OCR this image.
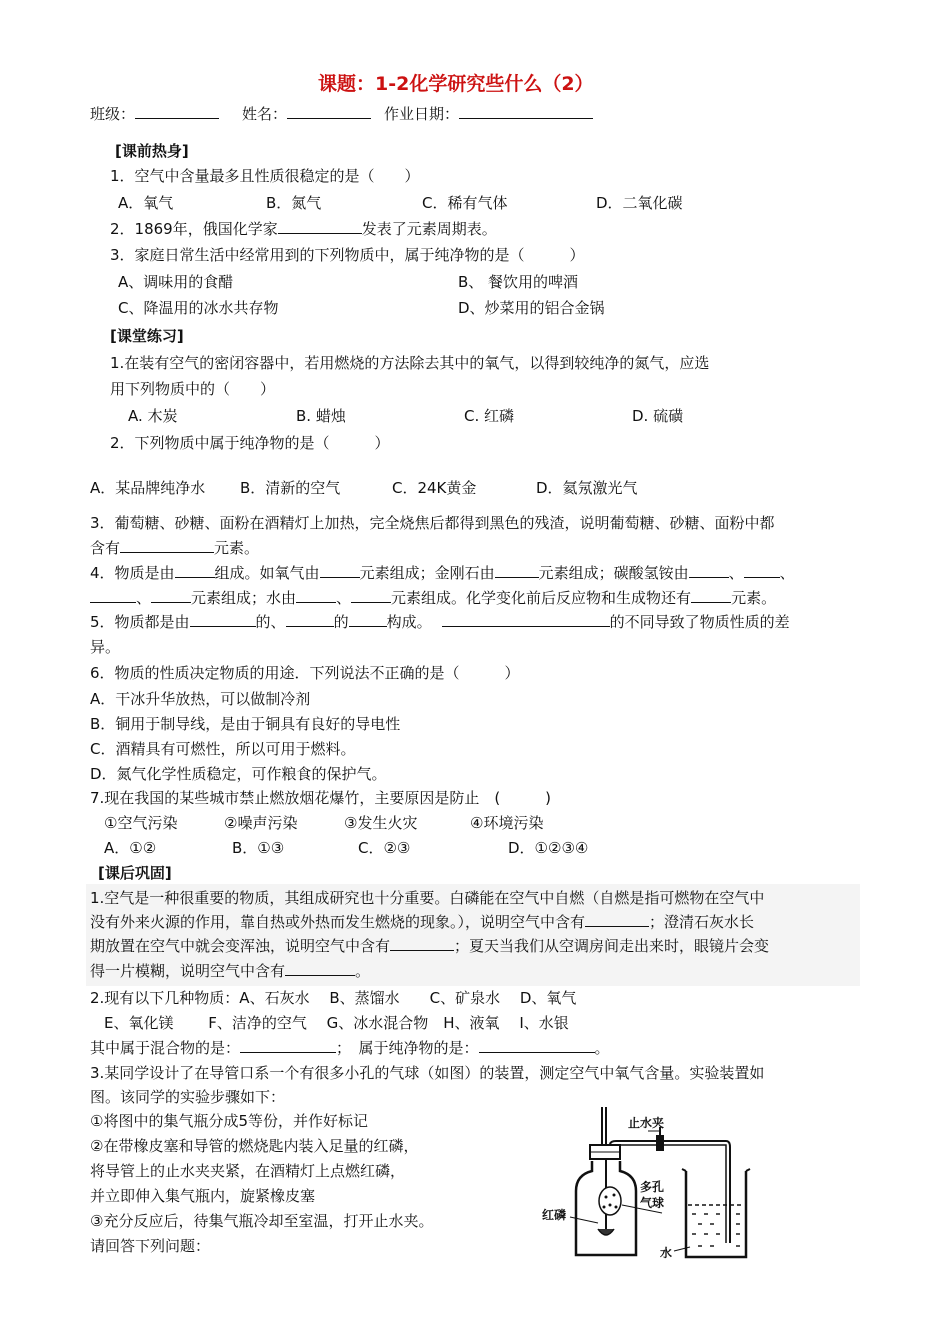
课题：1-2化学研究些什么（2）
班级：	姓名：	作业日期：
[课前热身]
1．空气中含量最多且性质很稳定的是（　　）
A．氧气	B．氮气	C．稀有气体	D．二氧化碳
2．1869年，俄国化学家	发表了元素周期表。
3．家庭日常生活中经常用到的下列物质中，属于纯净物的是（　　　）
A、调味用的食醋	B、 餐饮用的啤酒
C、降温用的冰水共存物	D、炒菜用的铝合金锅
[课堂练习]
1.在装有空气的密闭容器中，若用燃烧的方法除去其中的氧气，以得到较纯净的氮气，应选
用下列物质中的（　　）
A. 木炭	B. 蜡烛	C. 红磷	D. 硫磺
2．下列物质中属于纯净物的是（　　　）
A．某品牌纯净水	B．清新的空气	C．24K黄金	D．氦氖激光气
3．葡萄糖、砂糖、面粉在酒精灯上加热，完全烧焦后都得到黑色的残渣，说明葡萄糖、砂糖、面粉中都
含有	元素。
4．物质是由	组成。如氧气由	元素组成；金刚石由	元素组成；碳酸氢铵由	、 、
、	元素组成；水由	、	元素组成。化学变化前后反应物和生成物还有	元素。
5．物质都是由	的、	的	构成。	的不同导致了物质性质的差
异。
6．物质的性质决定物质的用途．下列说法不正确的是（　　　）
A．干冰升华放热，可以做制冷剂
B．铜用于制导线，是由于铜具有良好的导电性
C．酒精具有可燃性，所以可用于燃料。
D．氮气化学性质稳定，可作粮食的保护气。
7.现在我国的某些城市禁止燃放烟花爆竹，主要原因是防止　(　　　)
①空气污染	②噪声污染	③发生火灾	④环境污染
A．①②	B．①③	C．②③	D．①②③④
[课后巩固]
1.空气是一种很重要的物质，其组成研究也十分重要。白磷能在空气中自燃（自燃是指可燃物在空气中
没有外来火源的作用，靠自热或外热而发生燃烧的现象。），说明空气中含有	；澄清石灰水长
期放置在空气中就会变浑浊，说明空气中含有	；夏天当我们从空调房间走出来时，眼镜片会变
得一片模糊，说明空气中含有	。
2.现有以下几种物质：A、石灰水　 B、蒸馏水　　C、矿泉水　 D、氧气
E、氧化镁　　 F、洁净的空气　 G、冰水混合物　H、液氧　 I、水银
其中属于混合物的是：	；　属于纯净物的是：	。
3.某同学设计了在导管口系一个有很多小孔的气球（如图）的装置，测定空气中氧气含量。实验装置如
图。该同学的实验步骤如下：
①将图中的集气瓶分成5等份，并作好标记
②在带橡皮塞和导管的燃烧匙内装入足量的红磷，
将导管上的止水夹夹紧，在酒精灯上点燃红磷，
并立即伸入集气瓶内，旋紧橡皮塞
③充分反应后，待集气瓶冷却至室温，打开止水夹。
请回答下列问题：
止水夹
多孔
气球
红磷
水
